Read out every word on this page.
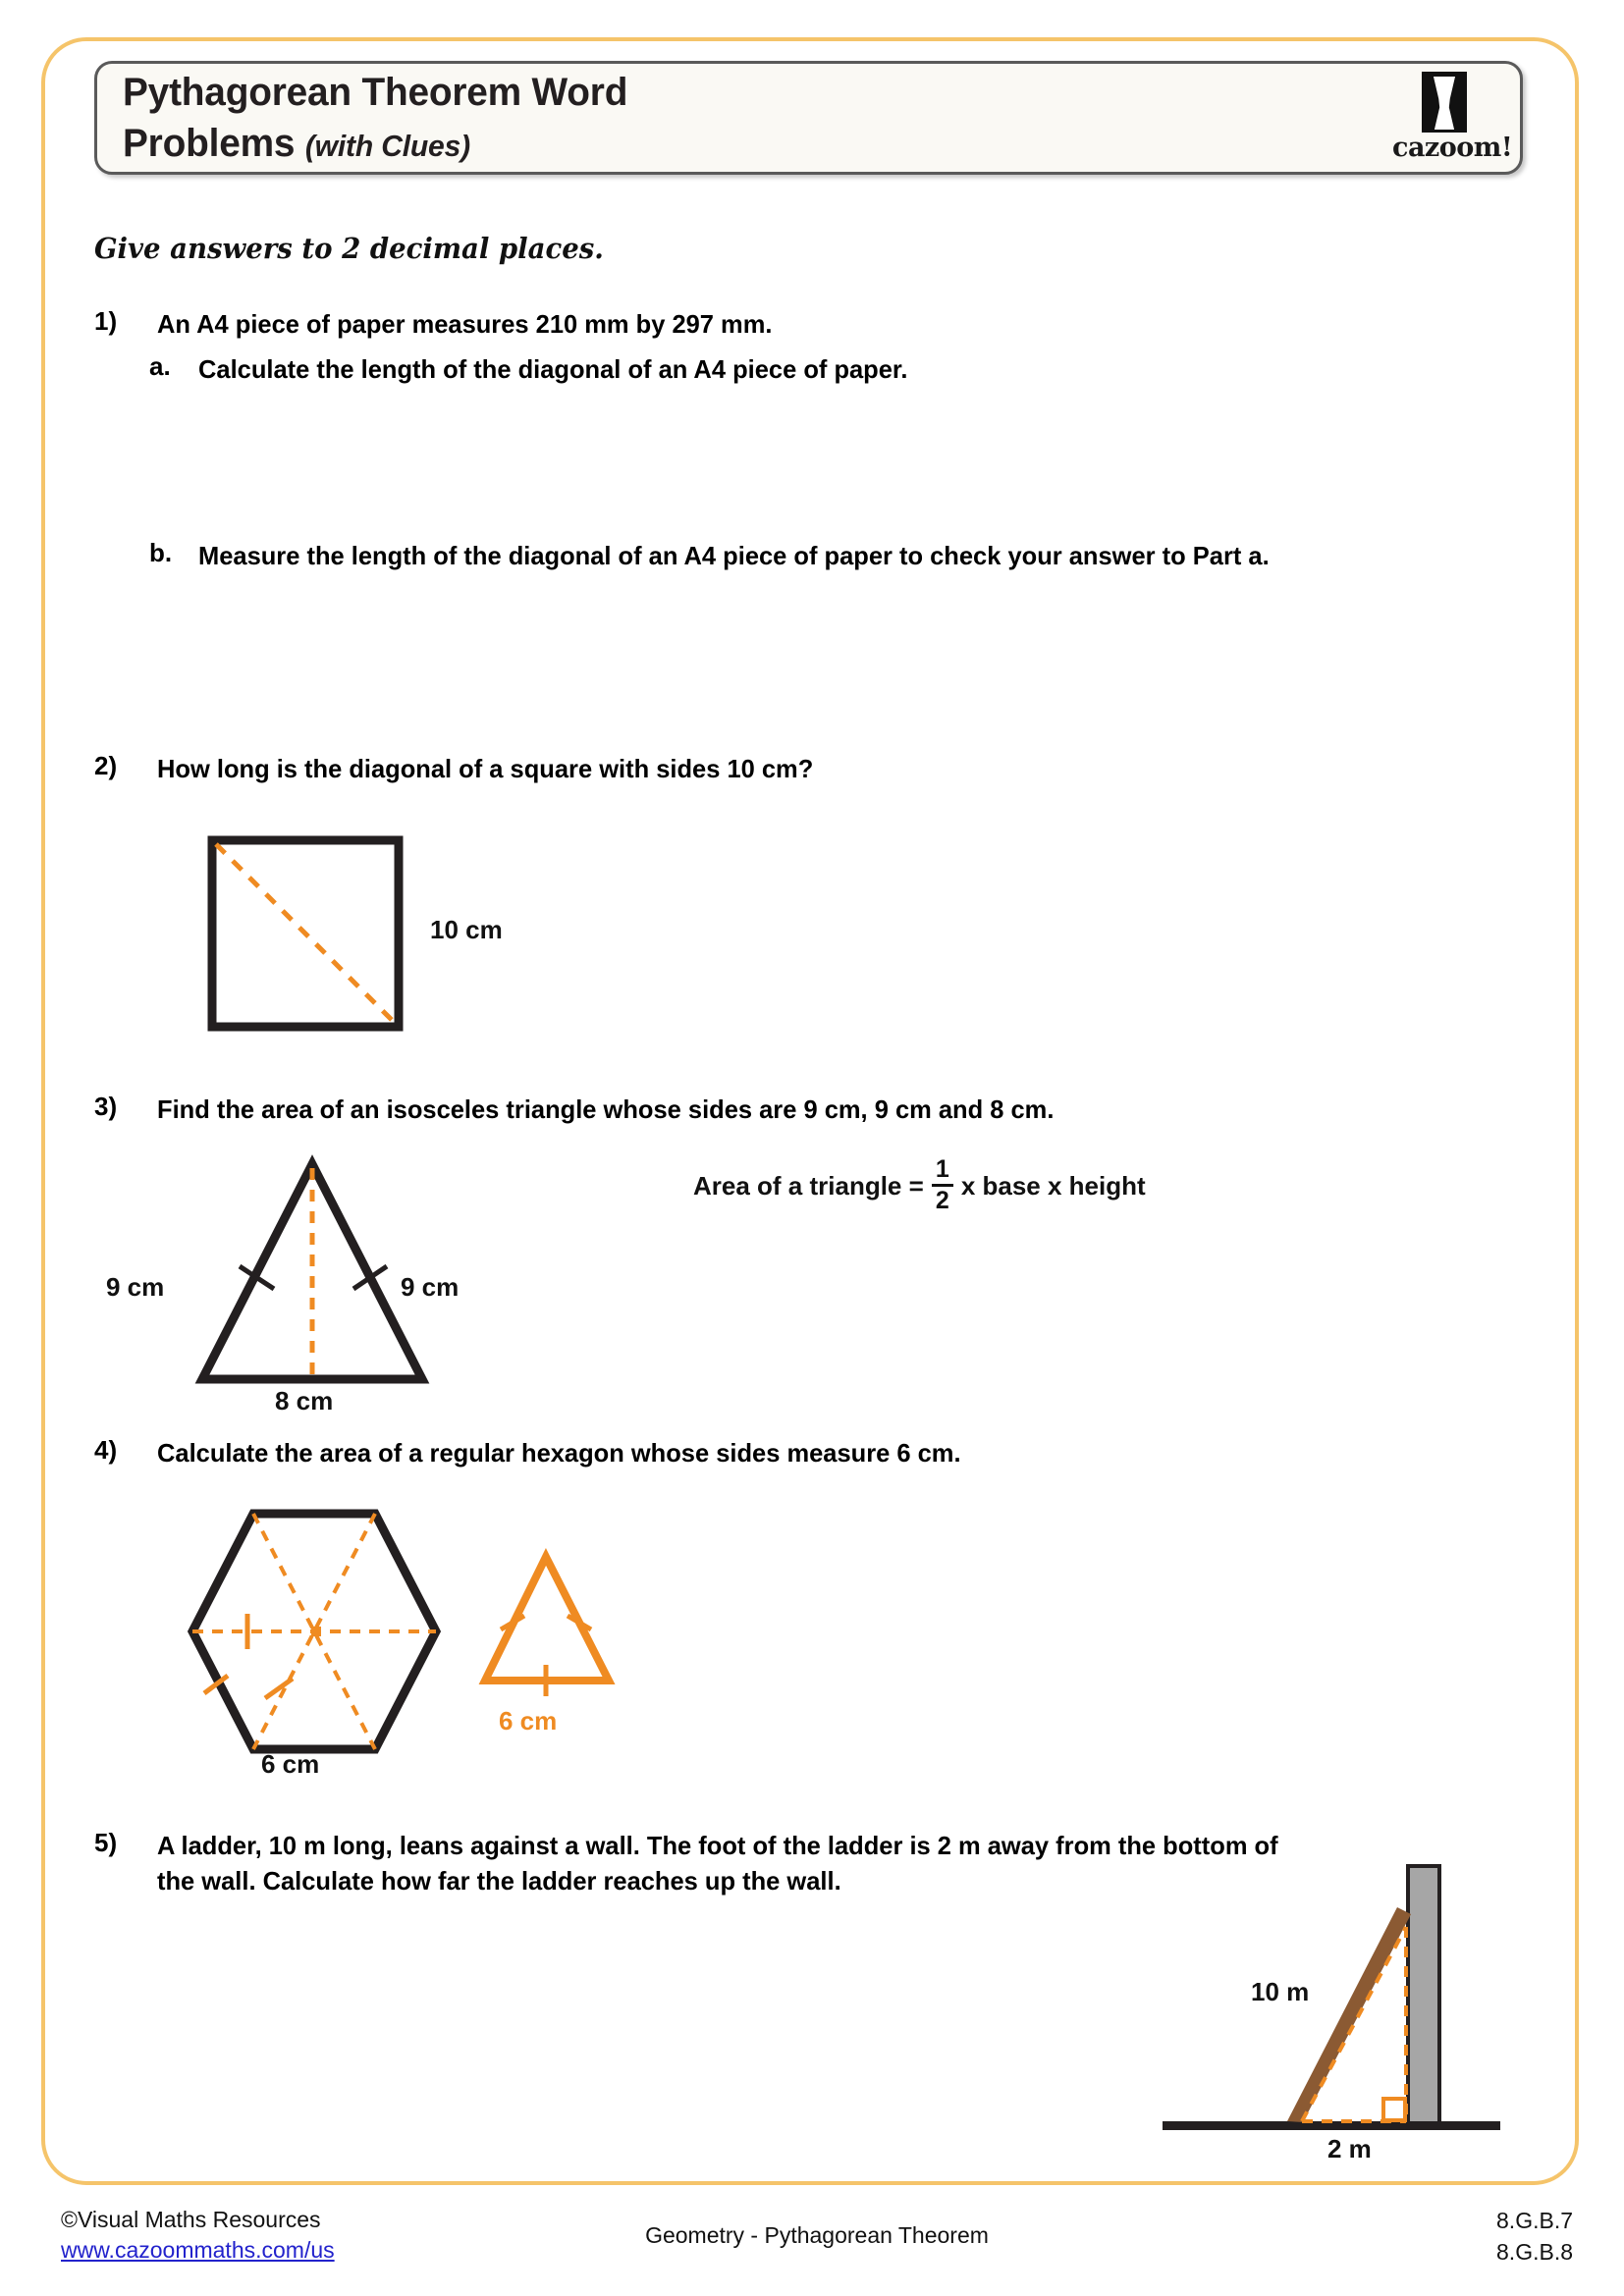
Pythagorean Theorem Word
Problems (with Clues)	cazoom!
Give answers to 2 decimal places.
1) An A4 piece of paper measures 210 mm by 297 mm.
a. Calculate the length of the diagonal of an A4 piece of paper.
b. Measure the length of the diagonal of an A4 piece of paper to check your answer to Part a.
2) How long is the diagonal of a square with sides 10 cm?
10 cm
3) Find the area of an isosceles triangle whose sides are 9 cm, 9 cm and 8 cm.
9 cm	9 cm
8 cm
Area of a triangle = $\frac{1}{2}$ x base x height
4) Calculate the area of a regular hexagon whose sides measure 6 cm.
6 cm
6 cm
5) A ladder, 10 m long, leans against a wall. The foot of the ladder is 2 m away from the bottom of
the wall. Calculate how far the ladder reaches up the wall.
10 m
2 m
©Visual Maths Resources
www.cazoommaths.com/us
Geometry - Pythagorean Theorem
8.G.B.7
8.G.B.8
